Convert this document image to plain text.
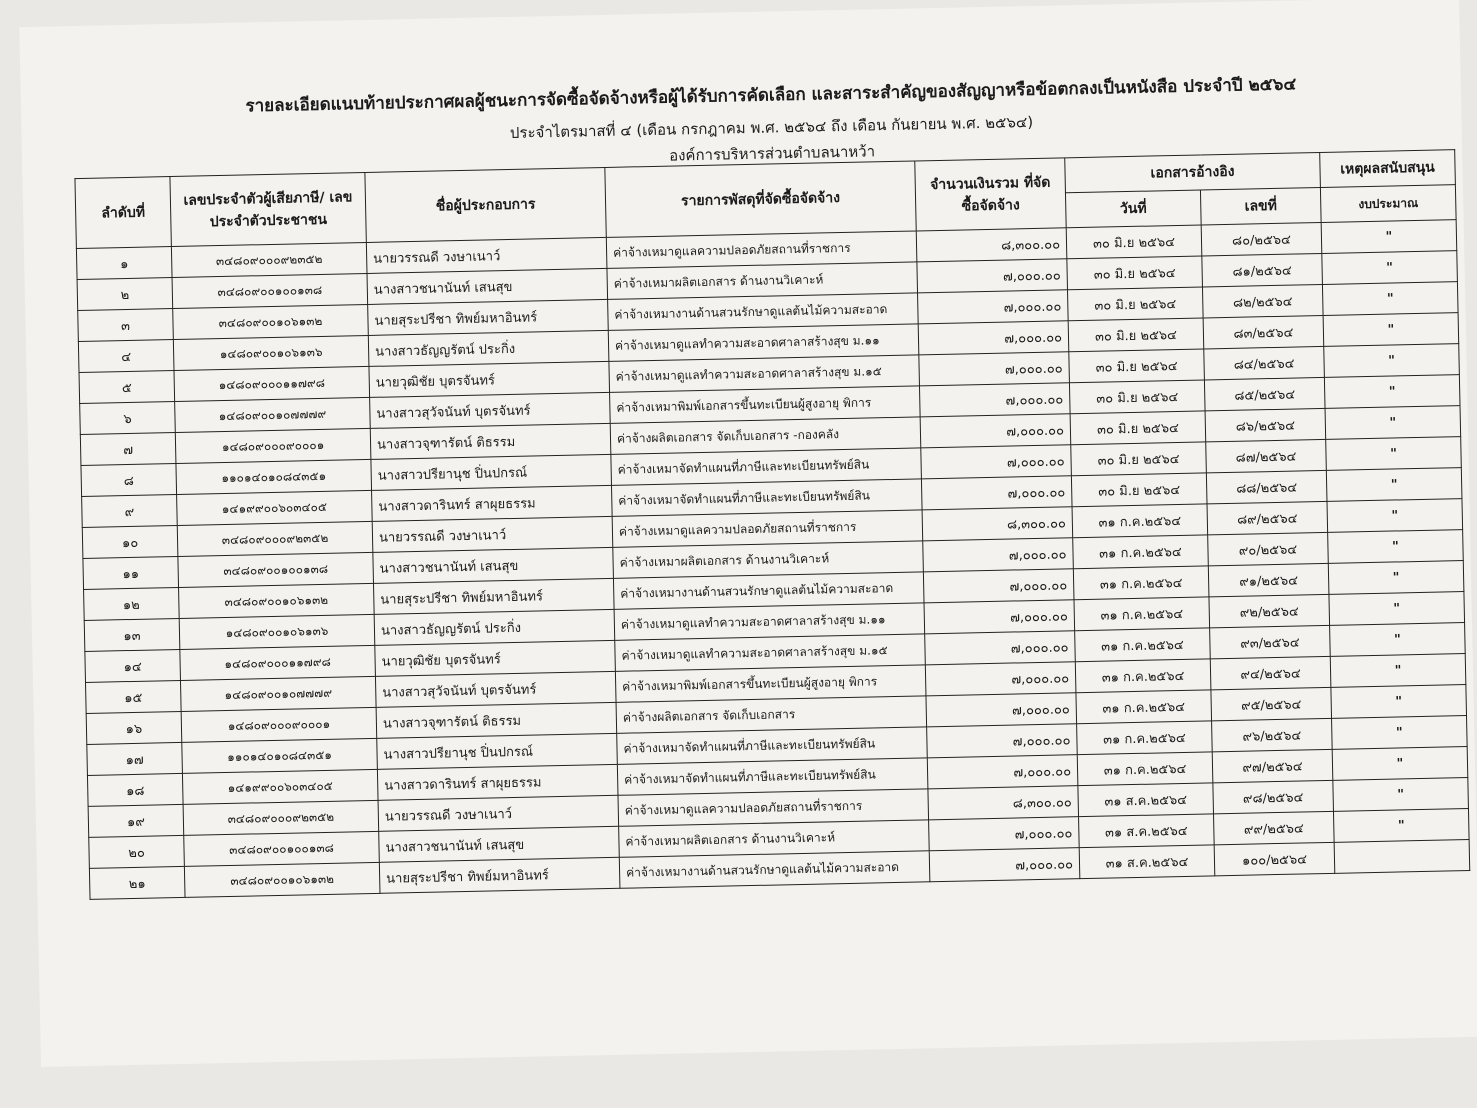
รายละเอียดแนบท้ายประกาศผลผู้ชนะการจัดซื้อจัดจ้างหรือผู้ได้รับการคัดเลือก และสาระสำคัญของสัญญาหรือข้อตกลงเป็นหนังสือ ประจำปี ๒๕๖๔
ประจำไตรมาสที่ ๔ (เดือน กรกฎาคม พ.ศ. ๒๕๖๔ ถึง เดือน กันยายน พ.ศ. ๒๕๖๔)
องค์การบริหารส่วนตำบลนาหว้า
ลำดับที่	เลขประจำตัวผู้เสียภาษี/ เลขประจำตัวประชาชน	ชื่อผู้ประกอบการ	รายการพัสดุที่จัดซื้อจัดจ้าง	จำนวนเงินรวม ที่จัดซื้อจัดจ้าง	เอกสารอ้างอิง		เหตุผลสนับสนุน
					วันที่	เลขที่	งบประมาณ
๑	๓๔๘๐๙๐๐๐๙๒๓๕๒	นายวรรณดี วงษาเนาว์	ค่าจ้างเหมาดูแลความปลอดภัยสถานที่ราชการ	๘,๓๐๐.๐๐	๓๐ มิ.ย ๒๕๖๔	๘๐/๒๕๖๔	"
๒	๓๔๘๐๙๐๐๑๐๐๑๓๘	นางสาวชนานันท์ เสนสุข	ค่าจ้างเหมาผลิตเอกสาร ด้านงานวิเคาะห์	๗,๐๐๐.๐๐	๓๐ มิ.ย ๒๕๖๔	๘๑/๒๕๖๔	"
๓	๓๔๘๐๙๐๐๑๐๖๑๓๒	นายสุระปรีชา ทิพย์มหาอินทร์	ค่าจ้างเหมางานด้านสวนรักษาดูแลต้นไม้ความสะอาด	๗,๐๐๐.๐๐	๓๐ มิ.ย ๒๕๖๔	๘๒/๒๕๖๔	"
๔	๑๔๘๐๙๐๐๑๐๖๑๓๖	นางสาวธัญญรัตน์ ประกิ่ง	ค่าจ้างเหมาดูแลทำความสะอาดศาลาสร้างสุข ม.๑๑	๗,๐๐๐.๐๐	๓๐ มิ.ย ๒๕๖๔	๘๓/๒๕๖๔	"
๕	๑๔๘๐๙๐๐๐๑๑๗๙๘	นายวุฒิชัย บุตรจันทร์	ค่าจ้างเหมาดูแลทำความสะอาดศาลาสร้างสุข ม.๑๕	๗,๐๐๐.๐๐	๓๐ มิ.ย ๒๕๖๔	๘๔/๒๕๖๔	"
๖	๑๔๘๐๙๐๐๑๐๗๗๗๙	นางสาวสุวัจนันท์ บุตรจันทร์	ค่าจ้างเหมาพิมพ์เอกสารขึ้นทะเบียนผู้สูงอายุ พิการ	๗,๐๐๐.๐๐	๓๐ มิ.ย ๒๕๖๔	๘๕/๒๕๖๔	"
๗	๑๔๘๐๙๐๐๐๙๐๐๐๑	นางสาวจุฑารัตน์ ติธรรม	ค่าจ้างผลิตเอกสาร จัดเก็บเอกสาร -กองคลัง	๗,๐๐๐.๐๐	๓๐ มิ.ย ๒๕๖๔	๘๖/๒๕๖๔	"
๘	๑๑๐๑๔๐๑๐๘๔๓๕๑	นางสาวปรียานุช ปิ่นปกรณ์	ค่าจ้างเหมาจัดทำแผนที่ภาษีและทะเบียนทรัพย์สิน	๗,๐๐๐.๐๐	๓๐ มิ.ย ๒๕๖๔	๘๗/๒๕๖๔	"
๙	๑๔๑๙๙๐๐๖๐๓๔๐๕	นางสาวดารินทร์ สาผุยธรรม	ค่าจ้างเหมาจัดทำแผนที่ภาษีและทะเบียนทรัพย์สิน	๗,๐๐๐.๐๐	๓๐ มิ.ย ๒๕๖๔	๘๘/๒๕๖๔	"
๑๐	๓๔๘๐๙๐๐๐๙๒๓๕๒	นายวรรณดี วงษาเนาว์	ค่าจ้างเหมาดูแลความปลอดภัยสถานที่ราชการ	๘,๓๐๐.๐๐	๓๑ ก.ค.๒๕๖๔	๘๙/๒๕๖๔	"
๑๑	๓๔๘๐๙๐๐๑๐๐๑๓๘	นางสาวชนานันท์ เสนสุข	ค่าจ้างเหมาผลิตเอกสาร ด้านงานวิเคาะห์	๗,๐๐๐.๐๐	๓๑ ก.ค.๒๕๖๔	๙๐/๒๕๖๔	"
๑๒	๓๔๘๐๙๐๐๑๐๖๑๓๒	นายสุระปรีชา ทิพย์มหาอินทร์	ค่าจ้างเหมางานด้านสวนรักษาดูแลต้นไม้ความสะอาด	๗,๐๐๐.๐๐	๓๑ ก.ค.๒๕๖๔	๙๑/๒๕๖๔	"
๑๓	๑๔๘๐๙๐๐๑๐๖๑๓๖	นางสาวธัญญรัตน์ ประกิ่ง	ค่าจ้างเหมาดูแลทำความสะอาดศาลาสร้างสุข ม.๑๑	๗,๐๐๐.๐๐	๓๑ ก.ค.๒๕๖๔	๙๒/๒๕๖๔	"
๑๔	๑๔๘๐๙๐๐๐๑๑๗๙๘	นายวุฒิชัย บุตรจันทร์	ค่าจ้างเหมาดูแลทำความสะอาดศาลาสร้างสุข ม.๑๕	๗,๐๐๐.๐๐	๓๑ ก.ค.๒๕๖๔	๙๓/๒๕๖๔	"
๑๕	๑๔๘๐๙๐๐๑๐๗๗๗๙	นางสาวสุวัจนันท์ บุตรจันทร์	ค่าจ้างเหมาพิมพ์เอกสารขึ้นทะเบียนผู้สูงอายุ พิการ	๗,๐๐๐.๐๐	๓๑ ก.ค.๒๕๖๔	๙๔/๒๕๖๔	"
๑๖	๑๔๘๐๙๐๐๐๙๐๐๐๑	นางสาวจุฑารัตน์ ติธรรม	ค่าจ้างผลิตเอกสาร จัดเก็บเอกสาร	๗,๐๐๐.๐๐	๓๑ ก.ค.๒๕๖๔	๙๕/๒๕๖๔	"
๑๗	๑๑๐๑๔๐๑๐๘๔๓๕๑	นางสาวปรียานุช ปิ่นปกรณ์	ค่าจ้างเหมาจัดทำแผนที่ภาษีและทะเบียนทรัพย์สิน	๗,๐๐๐.๐๐	๓๑ ก.ค.๒๕๖๔	๙๖/๒๕๖๔	"
๑๘	๑๔๑๙๙๐๐๖๐๓๔๐๕	นางสาวดารินทร์ สาผุยธรรม	ค่าจ้างเหมาจัดทำแผนที่ภาษีและทะเบียนทรัพย์สิน	๗,๐๐๐.๐๐	๓๑ ก.ค.๒๕๖๔	๙๗/๒๕๖๔	"
๑๙	๓๔๘๐๙๐๐๐๙๒๓๕๒	นายวรรณดี วงษาเนาว์	ค่าจ้างเหมาดูแลความปลอดภัยสถานที่ราชการ	๘,๓๐๐.๐๐	๓๑ ส.ค.๒๕๖๔	๙๘/๒๕๖๔	"
๒๐	๓๔๘๐๙๐๐๑๐๐๑๓๘	นางสาวชนานันท์ เสนสุข	ค่าจ้างเหมาผลิตเอกสาร ด้านงานวิเคาะห์	๗,๐๐๐.๐๐	๓๑ ส.ค.๒๕๖๔	๙๙/๒๕๖๔	"
๒๑	๓๔๘๐๙๐๐๑๐๖๑๓๒	นายสุระปรีชา ทิพย์มหาอินทร์	ค่าจ้างเหมางานด้านสวนรักษาดูแลต้นไม้ความสะอาด	๗,๐๐๐.๐๐	๓๑ ส.ค.๒๕๖๔	๑๐๐/๒๕๖๔	
